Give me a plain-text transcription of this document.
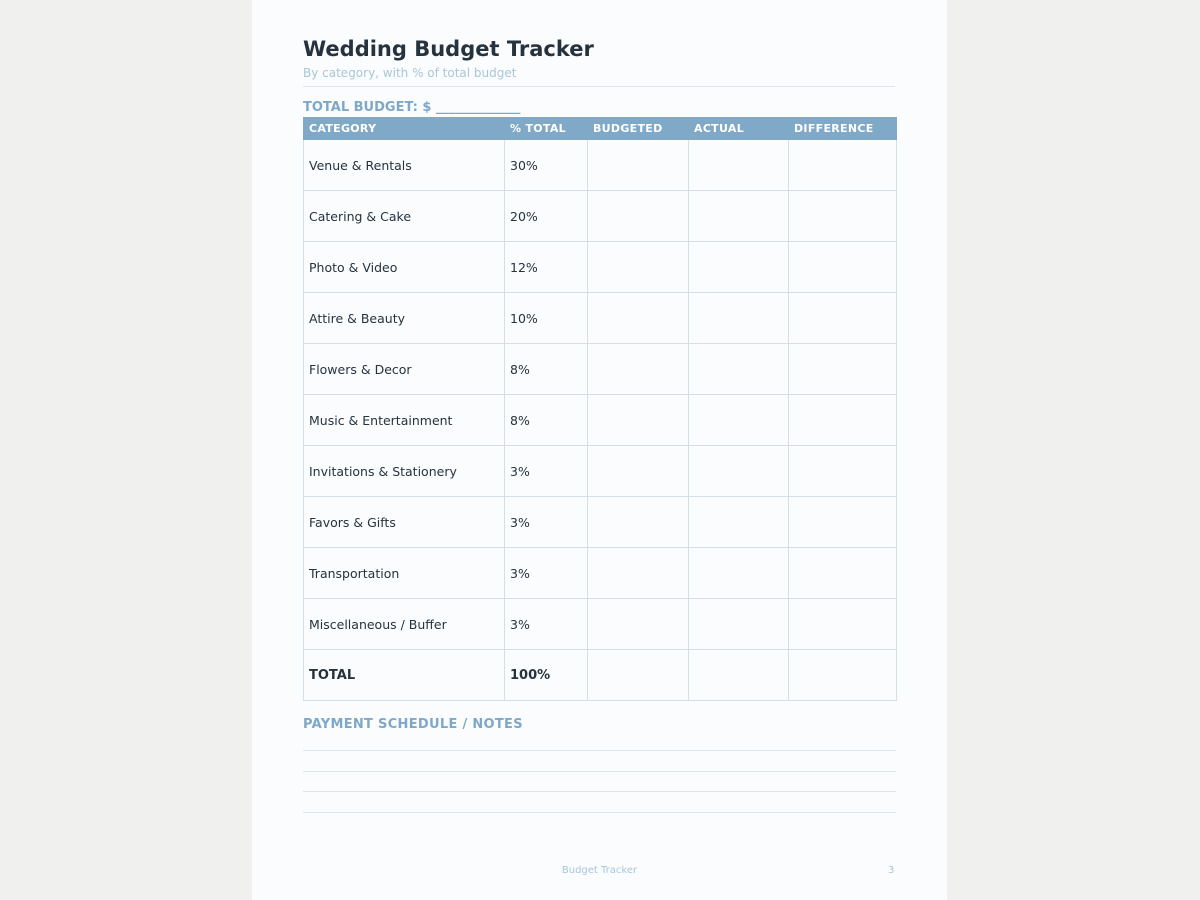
Wedding Budget Tracker
By category, with % of total budget
TOTAL BUDGET: $ _____________
CATEGORY	% TOTAL	BUDGETED	ACTUAL	DIFFERENCE
Venue & Rentals	30%			
Catering & Cake	20%			
Photo & Video	12%			
Attire & Beauty	10%			
Flowers & Decor	8%			
Music & Entertainment	8%			
Invitations & Stationery	3%			
Favors & Gifts	3%			
Transportation	3%			
Miscellaneous / Buffer	3%			
TOTAL	100%			
PAYMENT SCHEDULE / NOTES
Budget Tracker	3
